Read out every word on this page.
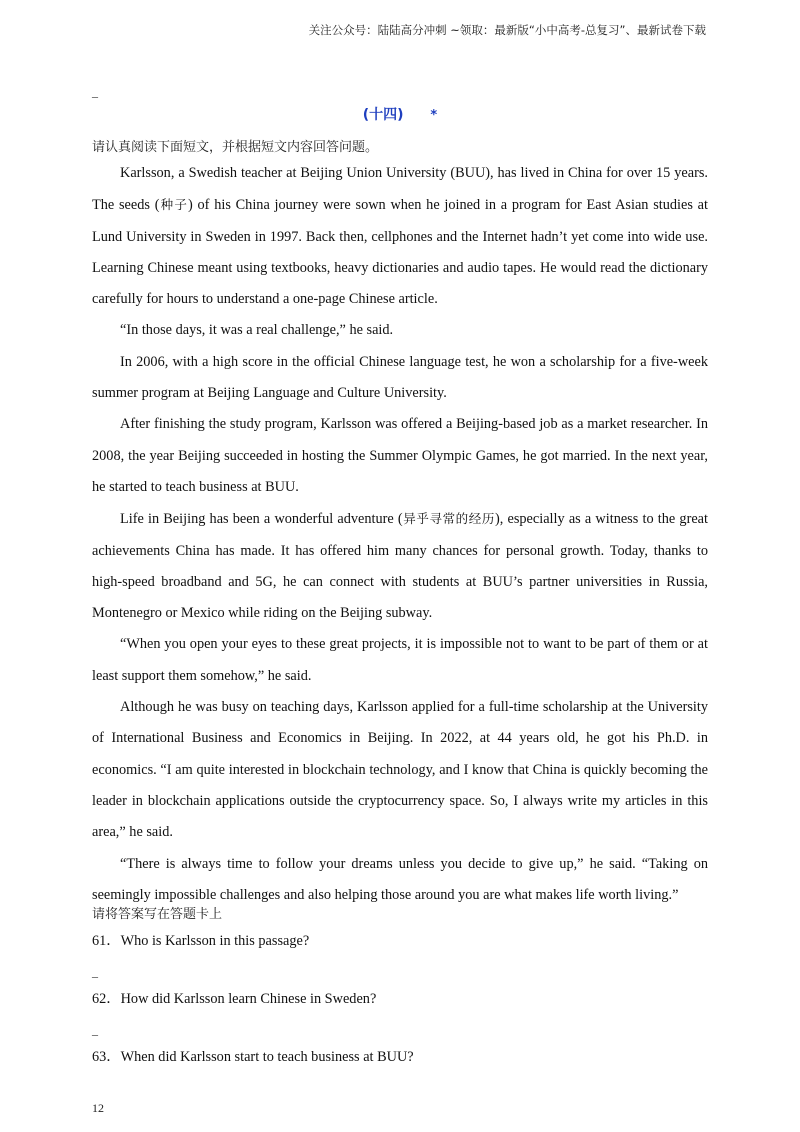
关注公众号：陆陆高分冲刺 ~领取：最新版“小中高考-总复习”、最新试卷下载
_
(十四) *
请认真阅读下面短文，并根据短文内容回答问题。

Karlsson, a Swedish teacher at Beijing Union University (BUU), has lived in China for over 15 years. The seeds (种子) of his China journey were sown when he joined in a program for East Asian studies at Lund University in Sweden in 1997. Back then, cellphones and the Internet hadn’t yet come into wide use. Learning Chinese meant using textbooks, heavy dictionaries and audio tapes. He would read the dictionary carefully for hours to understand a one-page Chinese article.

“In those days, it was a real challenge,” he said.

In 2006, with a high score in the official Chinese language test, he won a scholarship for a five-week summer program at Beijing Language and Culture University.

After finishing the study program, Karlsson was offered a Beijing-based job as a market researcher. In 2008, the year Beijing succeeded in hosting the Summer Olympic Games, he got married. In the next year, he started to teach business at BUU.

Life in Beijing has been a wonderful adventure (异乎寻常的经历), especially as a witness to the great achievements China has made. It has offered him many chances for personal growth. Today, thanks to high-speed broadband and 5G, he can connect with students at BUU’s partner universities in Russia, Montenegro or Mexico while riding on the Beijing subway.

“When you open your eyes to these great projects, it is impossible not to want to be part of them or at least support them somehow,” he said.

Although he was busy on teaching days, Karlsson applied for a full-time scholarship at the University of International Business and Economics in Beijing. In 2022, at 44 years old, he got his Ph.D. in economics. “I am quite interested in blockchain technology, and I know that China is quickly becoming the leader in blockchain applications outside the cryptocurrency space. So, I always write my articles in this area,” he said.

“There is always time to follow your dreams unless you decide to give up,” he said. “Taking on seemingly impossible challenges and also helping those around you are what makes life worth living.”

请将答案写在答题卡上
61．Who is Karlsson in this passage?
_
62．How did Karlsson learn Chinese in Sweden?
_
63．When did Karlsson start to teach business at BUU?
12
